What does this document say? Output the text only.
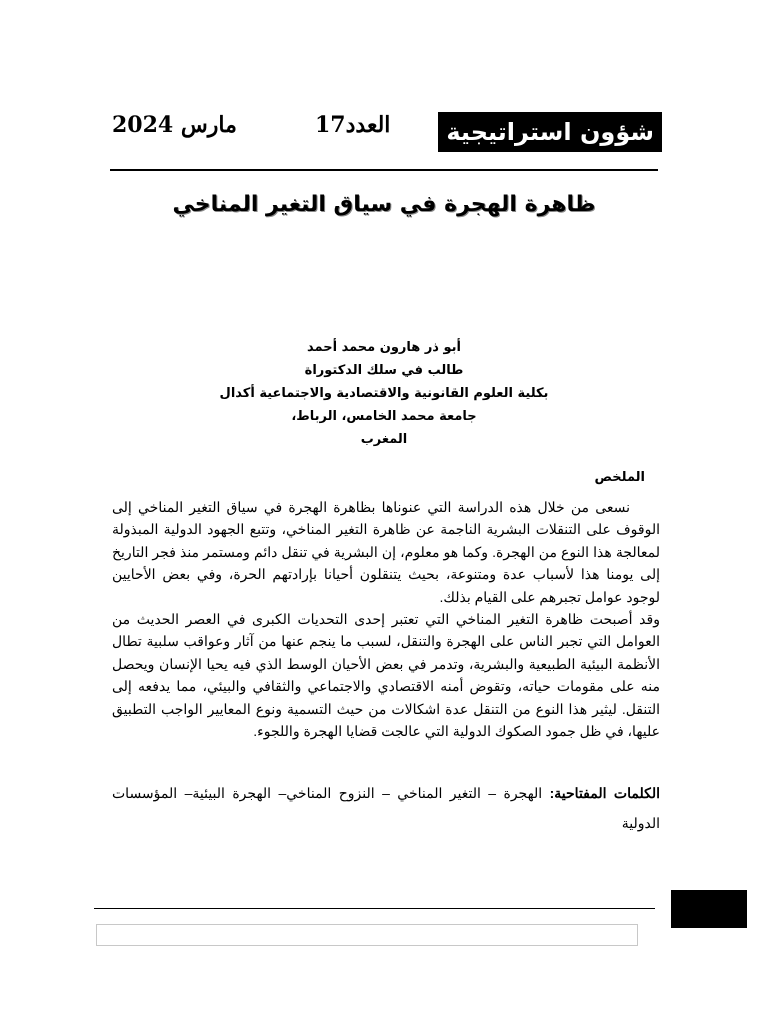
شؤون استراتيجية
العدد17
مارس 2024
ظاهرة الهجرة في سياق التغير المناخي
أبو ذر هارون محمد أحمد
طالب في سلك الدكتوراة
بكلية العلوم القانونية والاقتصادية والاجتماعية أكدال
جامعة محمد الخامس، الرباط،
المغرب
الملخص

نسعى من خلال هذه الدراسة التي عنوناها بظاهرة الهجرة في سياق التغير المناخي إلى الوقوف على التنقلات البشرية الناجمة عن ظاهرة التغير المناخي، وتتبع الجهود الدولية المبذولة لمعالجة هذا النوع من الهجرة. وكما هو معلوم، إن البشرية في تنقل دائم ومستمر منذ فجر التاريخ إلى يومنا هذا لأسباب عدة ومتنوعة، بحيث يتنقلون أحيانا بإرادتهم الحرة، وفي بعض الأحايين لوجود عوامل تجبرهم على القيام بذلك.

وقد أصبحت ظاهرة التغير المناخي التي تعتبر إحدى التحديات الكبرى في العصر الحديث من العوامل التي تجبر الناس على الهجرة والتنقل، لسبب ما ينجم عنها من آثار وعواقب سلبية تطال الأنظمة البيئية الطبيعية والبشرية، وتدمر في بعض الأحيان الوسط الذي فيه يحيا الإنسان ويحصل منه على مقومات حياته، وتقوض أمنه الاقتصادي والاجتماعي والثقافي والبيئي، مما يدفعه إلى التنقل. ليثير هذا النوع من التنقل عدة اشكالات من حيث التسمية ونوع المعايير الواجب التطبيق عليها، في ظل جمود الصكوك الدولية التي عالجت قضايا الهجرة واللجوء.

الكلمات المفتاحية: الهجرة – التغير المناخي – النزوح المناخي– الهجرة البيئية– المؤسسات الدولية
